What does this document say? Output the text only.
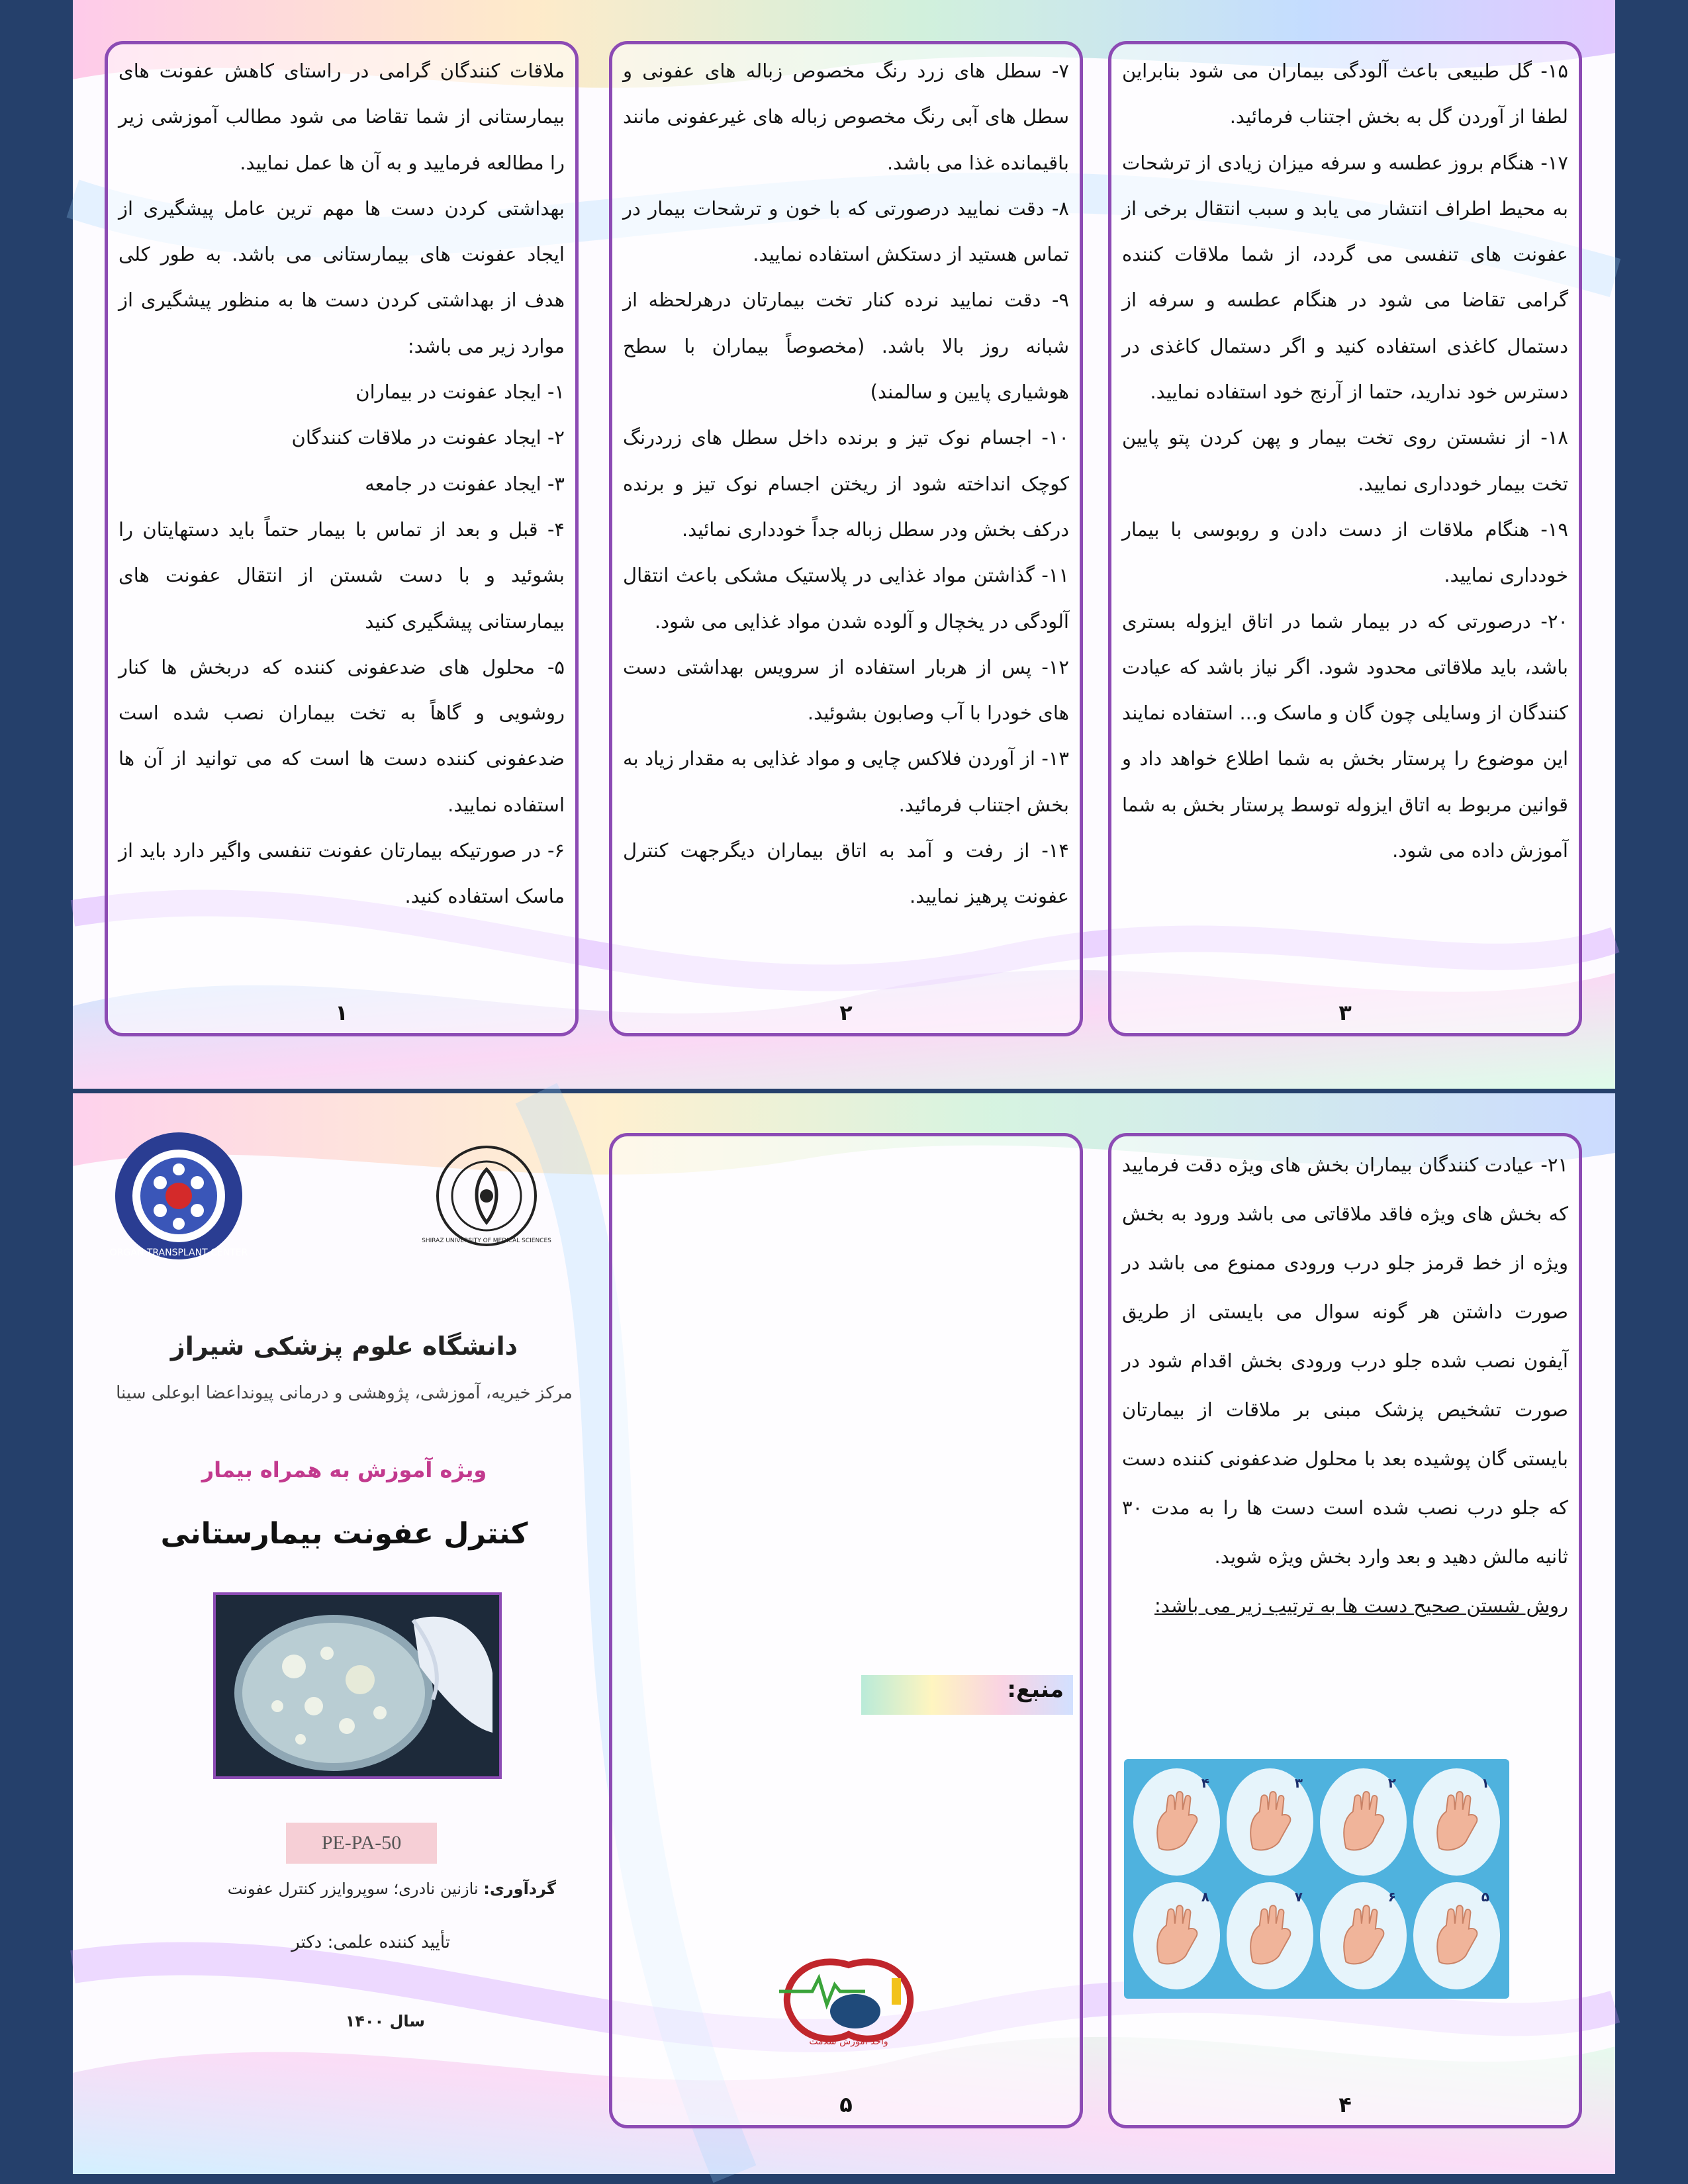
ملاقات کنندگان گرامی در راستای کاهش عفونت های بیمارستانی از شما تقاضا می شود مطالب آموزشی زیر را مطالعه فرمایید و به آن ها عمل نمایید.

بهداشتی کردن دست ها مهم ترین عامل پیشگیری از ایجاد عفونت های بیمارستانی می باشد. به طور کلی هدف از بهداشتی کردن دست ها به منظور پیشگیری از موارد زیر می باشد:

۱- ایجاد عفونت در بیماران

۲- ایجاد عفونت در ملاقات کنندگان

۳- ایجاد عفونت در جامعه

۴- قبل و بعد از تماس با بیمار حتماً باید دستهایتان را بشوئید و با دست شستن از انتقال عفونت های بیمارستانی پیشگیری کنید

۵- محلول های ضدعفونی کننده که دربخش ها کنار روشویی و گاهاً به تخت بیماران نصب شده است ضدعفونی کننده دست ها است که می توانید از آن ها استفاده نمایید.

۶- در صورتیکه بیمارتان عفونت تنفسی واگیر دارد باید از ماسک استفاده کنید.

۱

۷- سطل های زرد رنگ مخصوص زباله های عفونی و سطل های آبی رنگ مخصوص زباله های غیرعفونی مانند باقیمانده غذا می باشد.

۸- دقت نمایید درصورتی که با خون و ترشحات بیمار در تماس هستید از دستکش استفاده نمایید.

۹- دقت نمایید نرده کنار تخت بیمارتان درهرلحظه از شبانه روز بالا باشد. (مخصوصاً بیماران با سطح هوشیاری پایین و سالمند)

۱۰- اجسام نوک تیز و برنده داخل سطل های زردرنگ کوچک انداخته شود از ریختن اجسام نوک تیز و برنده درکف بخش ودر سطل زباله جداً خودداری نمائید.

۱۱- گذاشتن مواد غذایی در پلاستیک مشکی باعث انتقال آلودگی در یخچال و آلوده شدن مواد غذایی می شود.

۱۲- پس از هربار استفاده از سرویس بهداشتی دست های خودرا با آب وصابون بشوئید.

۱۳- از آوردن فلاکس چایی و مواد غذایی به مقدار زیاد به بخش اجتناب فرمائید.

۱۴- از رفت و آمد به اتاق بیماران دیگرجهت کنترل عفونت پرهیز نمایید.

۲

۱۵- گل طبیعی باعث آلودگی بیماران می شود بنابراین لطفا از آوردن گل به بخش اجتناب فرمائید.

۱۷- هنگام بروز عطسه و سرفه میزان زیادی از ترشحات به محیط اطراف انتشار می یابد و سبب انتقال برخی از عفونت های تنفسی می گردد، از شما ملاقات کننده گرامی تقاضا می شود در هنگام عطسه و سرفه از دستمال کاغذی استفاده کنید و اگر دستمال کاغذی در دسترس خود ندارید، حتما از آرنج خود استفاده نمایید.

۱۸- از نشستن روی تخت بیمار و پهن کردن پتو پایین تخت بیمار خودداری نمایید.

۱۹- هنگام ملاقات از دست دادن و روبوسی با بیمار خودداری نمایید.

۲۰- درصورتی که در بیمار شما در اتاق ایزوله بستری باشد، باید ملاقاتی محدود شود. اگر نیاز باشد که عیادت کنندگان از وسایلی چون گان و ماسک و... استفاده نمایند این موضوع را پرستار بخش به شما اطلاع خواهد داد و قوانین مربوط به اتاق ایزوله توسط پرستار بخش به شما آموزش داده می شود.

۳
ORGAN TRANSPLANT CENTER
SHIRAZ UNIVERSITY OF MEDICAL SCIENCES
دانشگاه علوم پزشکی شیراز
مرکز خیریه، آموزشی، پژوهشی و درمانی پیونداعضا ابوعلی سینا
ویژه آموزش به همراه بیمار
کنترل عفونت بیمارستانی
PE-PA-50
گردآوری: نازنین نادری؛ سوپروایزر کنترل عفونت
تأیید کننده علمی: دکتر
سال ۱۴۰۰
منبع:
واحد آموزش سلامت
۵

۲۱- عیادت کنندگان بیماران بخش های ویژه دقت فرمایید که بخش های ویژه فاقد ملاقاتی می باشد ورود به بخش ویژه از خط قرمز جلو درب ورودی ممنوع می باشد در صورت داشتن هر گونه سوال می بایستی از طریق آیفون نصب شده جلو درب ورودی بخش اقدام شود در صورت تشخیص پزشک مبنی بر ملاقات از بیمارتان بایستی گان پوشیده بعد با محلول ضدعفونی کننده دست که جلو درب نصب شده است دست ها را به مدت ۳۰ ثانیه مالش دهید و بعد وارد بخش ویژه شوید.

روش شستن صحیح دست ها به ترتیب زیر می باشد:

۴
۴	۳	۲	۱
۸	۷	۶	۵
